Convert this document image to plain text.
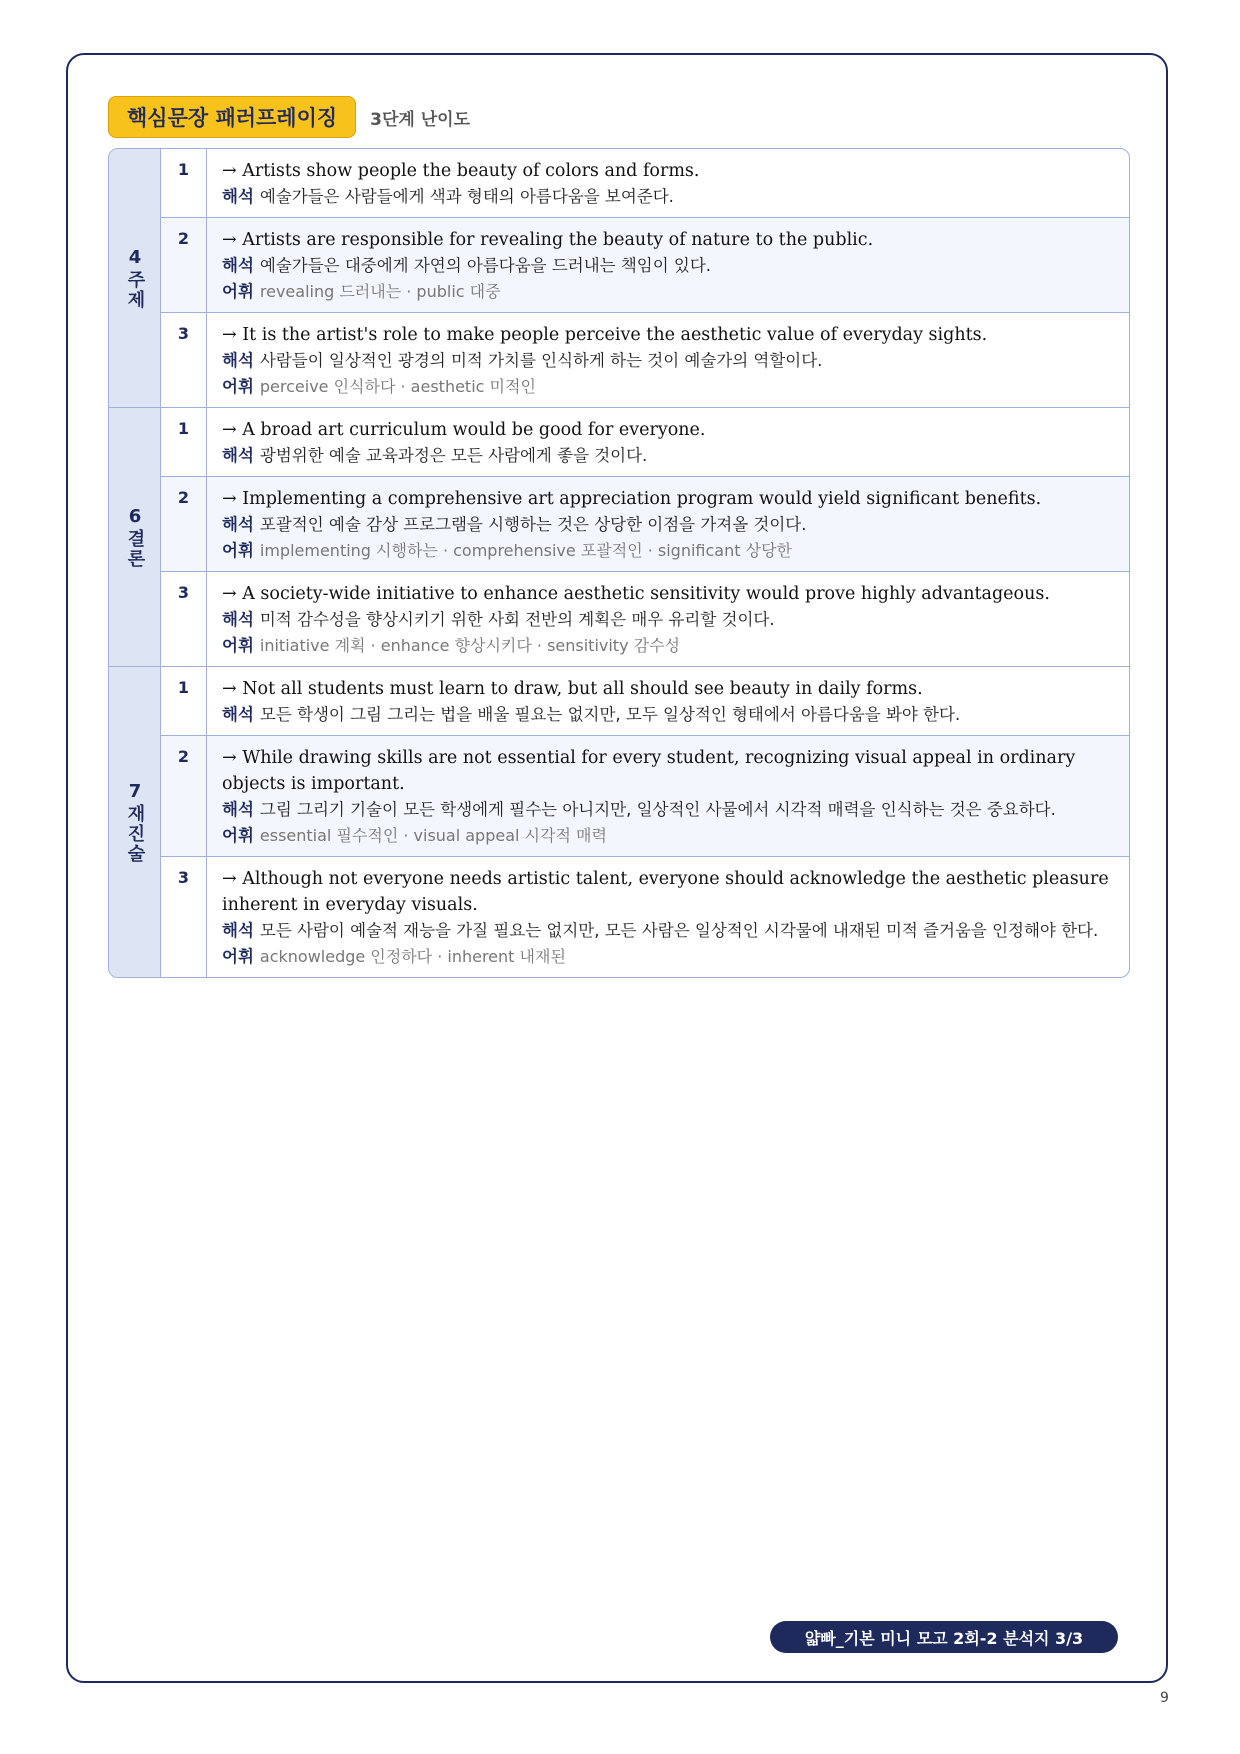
핵심문장 패러프레이징	3단계 난이도
4주제
1	→ Artists show people the beauty of colors and forms.
해석 예술가들은 사람들에게 색과 형태의 아름다움을 보여준다.
2	→ Artists are responsible for revealing the beauty of nature to the public.
해석 예술가들은 대중에게 자연의 아름다움을 드러내는 책임이 있다.
어휘 revealing 드러내는 · public 대중
3	→ It is the artist's role to make people perceive the aesthetic value of everyday sights.
해석 사람들이 일상적인 광경의 미적 가치를 인식하게 하는 것이 예술가의 역할이다.
어휘 perceive 인식하다 · aesthetic 미적인
6결론
1	→ A broad art curriculum would be good for everyone.
해석 광범위한 예술 교육과정은 모든 사람에게 좋을 것이다.
2	→ Implementing a comprehensive art appreciation program would yield significant benefits.
해석 포괄적인 예술 감상 프로그램을 시행하는 것은 상당한 이점을 가져올 것이다.
어휘 implementing 시행하는 · comprehensive 포괄적인 · significant 상당한
3	→ A society-wide initiative to enhance aesthetic sensitivity would prove highly advantageous.
해석 미적 감수성을 향상시키기 위한 사회 전반의 계획은 매우 유리할 것이다.
어휘 initiative 계획 · enhance 향상시키다 · sensitivity 감수성
7재진술
1	→ Not all students must learn to draw, but all should see beauty in daily forms.
해석 모든 학생이 그림 그리는 법을 배울 필요는 없지만, 모두 일상적인 형태에서 아름다움을 봐야 한다.
2	→ While drawing skills are not essential for every student, recognizing visual appeal in ordinary objects is important.
해석 그림 그리기 기술이 모든 학생에게 필수는 아니지만, 일상적인 사물에서 시각적 매력을 인식하는 것은 중요하다.
어휘 essential 필수적인 · visual appeal 시각적 매력
3	→ Although not everyone needs artistic talent, everyone should acknowledge the aesthetic pleasure inherent in everyday visuals.
해석 모든 사람이 예술적 재능을 가질 필요는 없지만, 모든 사람은 일상적인 시각물에 내재된 미적 즐거움을 인정해야 한다.
어휘 acknowledge 인정하다 · inherent 내재된
얇빠_기본 미니 모고 2회-2 분석지 3/3
9
